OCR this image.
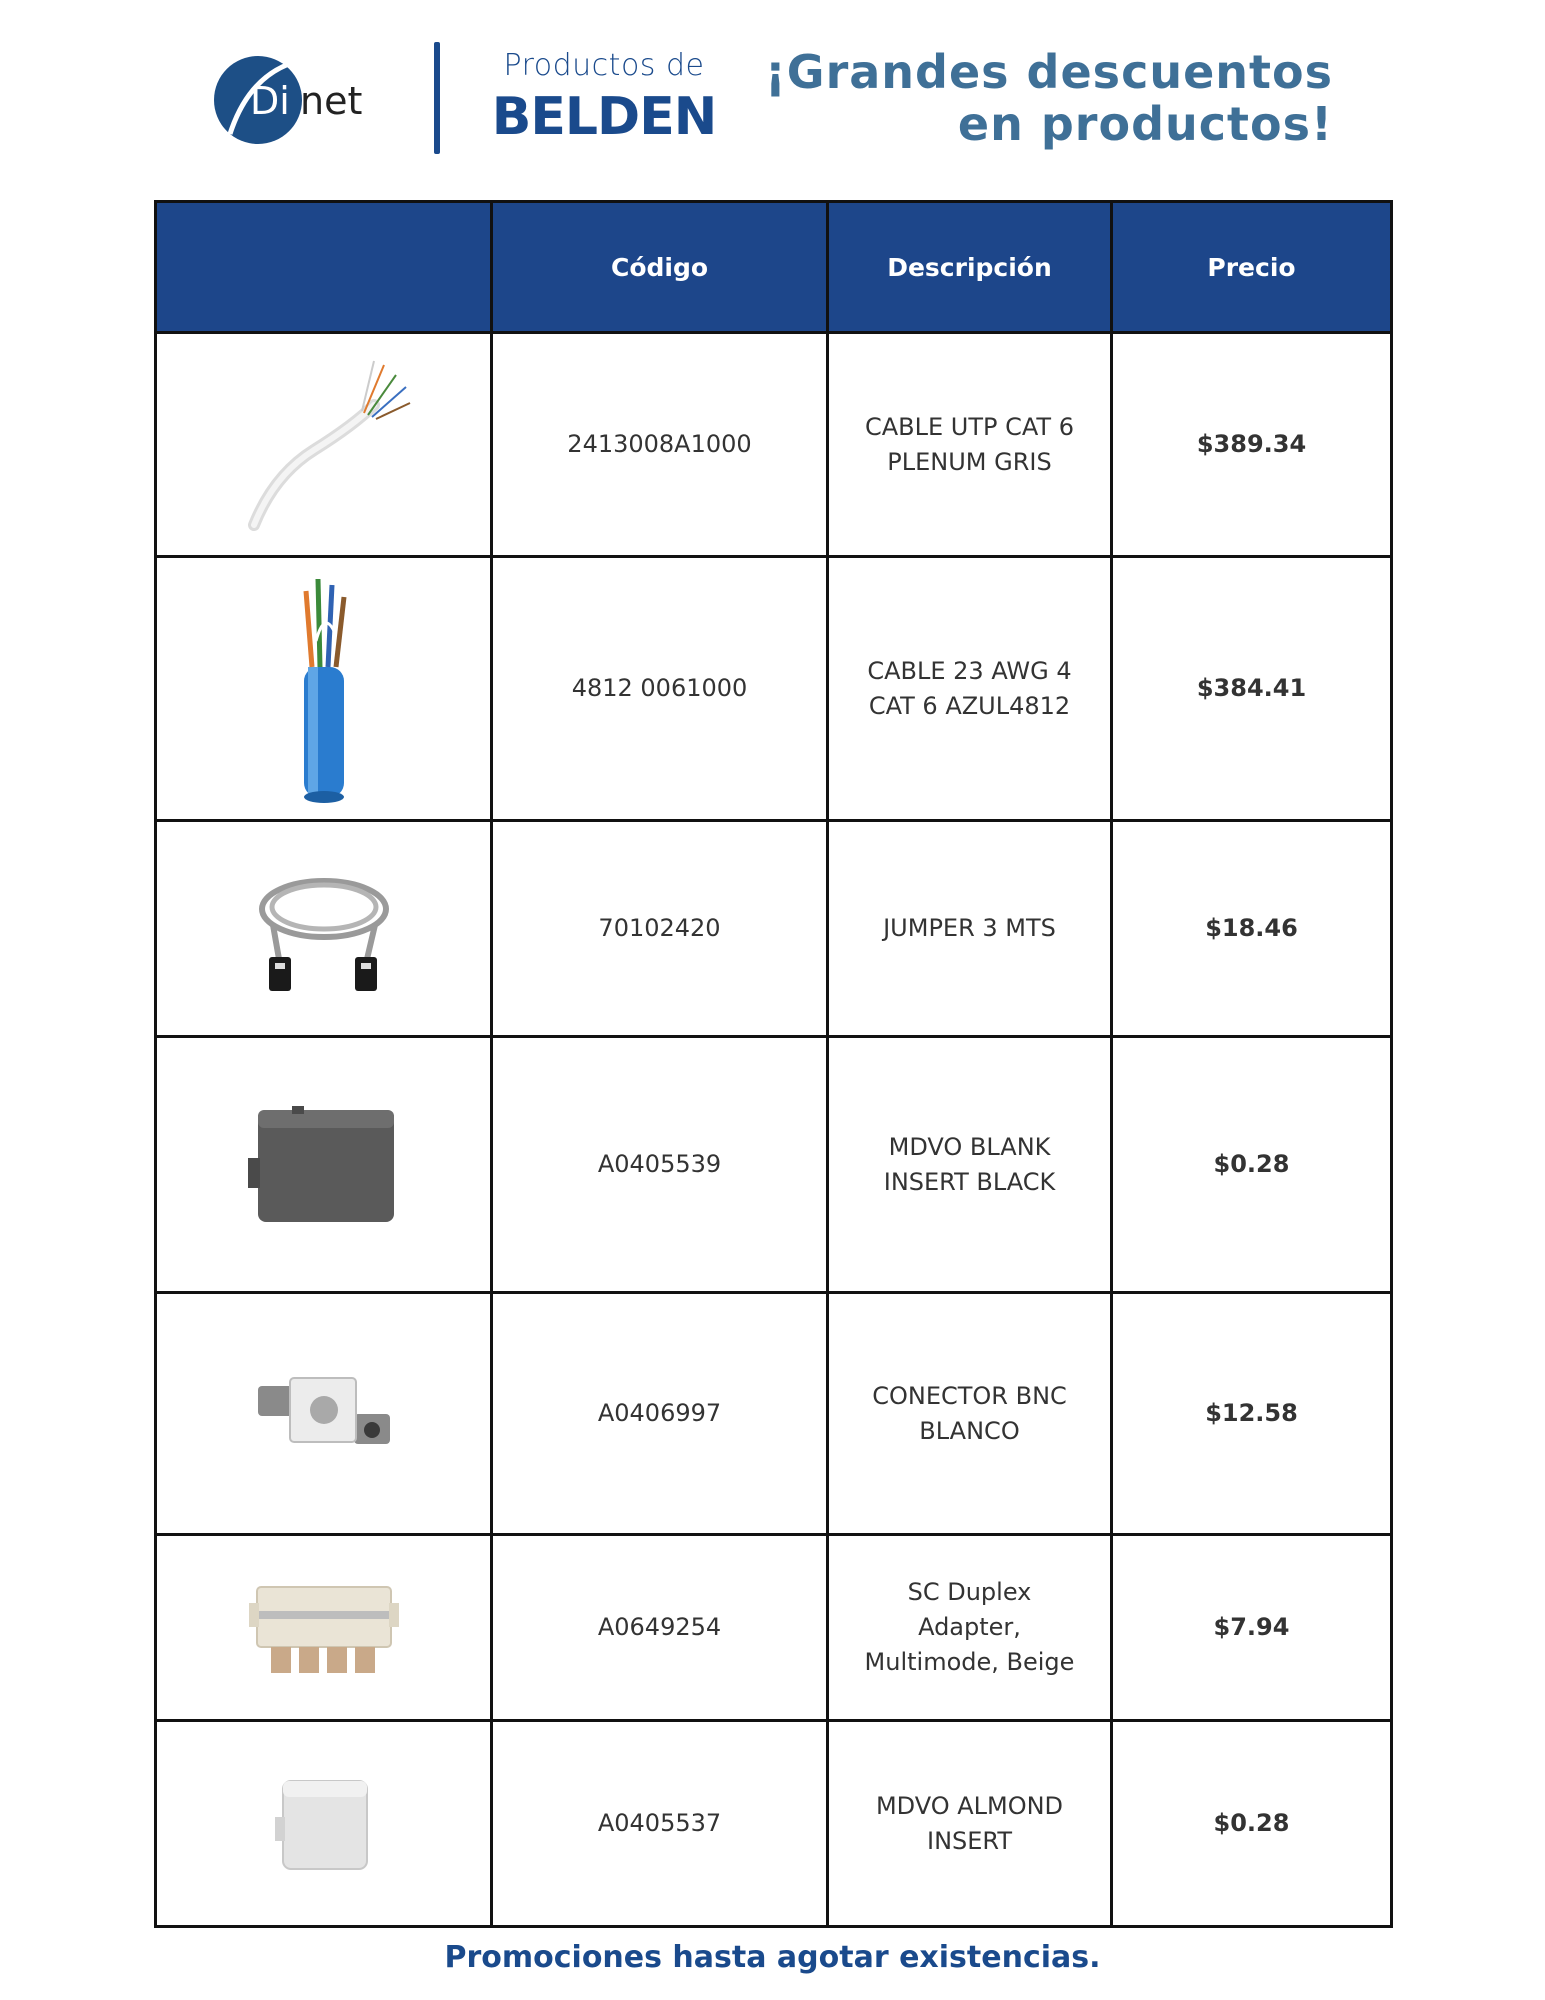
Di net
Productos de
BELDEN
¡Grandes descuentos
en productos!
	Código	Descripción	Precio

	2413008A1000	CABLE UTP CAT 6 PLENUM GRIS	$389.34

	4812 0061000	CABLE 23 AWG 4 CAT 6 AZUL4812	$384.41

	70102420	JUMPER 3 MTS	$18.46

	A0405539	MDVO BLANK INSERT BLACK	$0.28

	A0406997	CONECTOR BNC BLANCO	$12.58

	A0649254	SC Duplex Adapter, Multimode, Beige	$7.94

	A0405537	MDVO ALMOND INSERT	$0.28
Promociones hasta agotar existencias.
